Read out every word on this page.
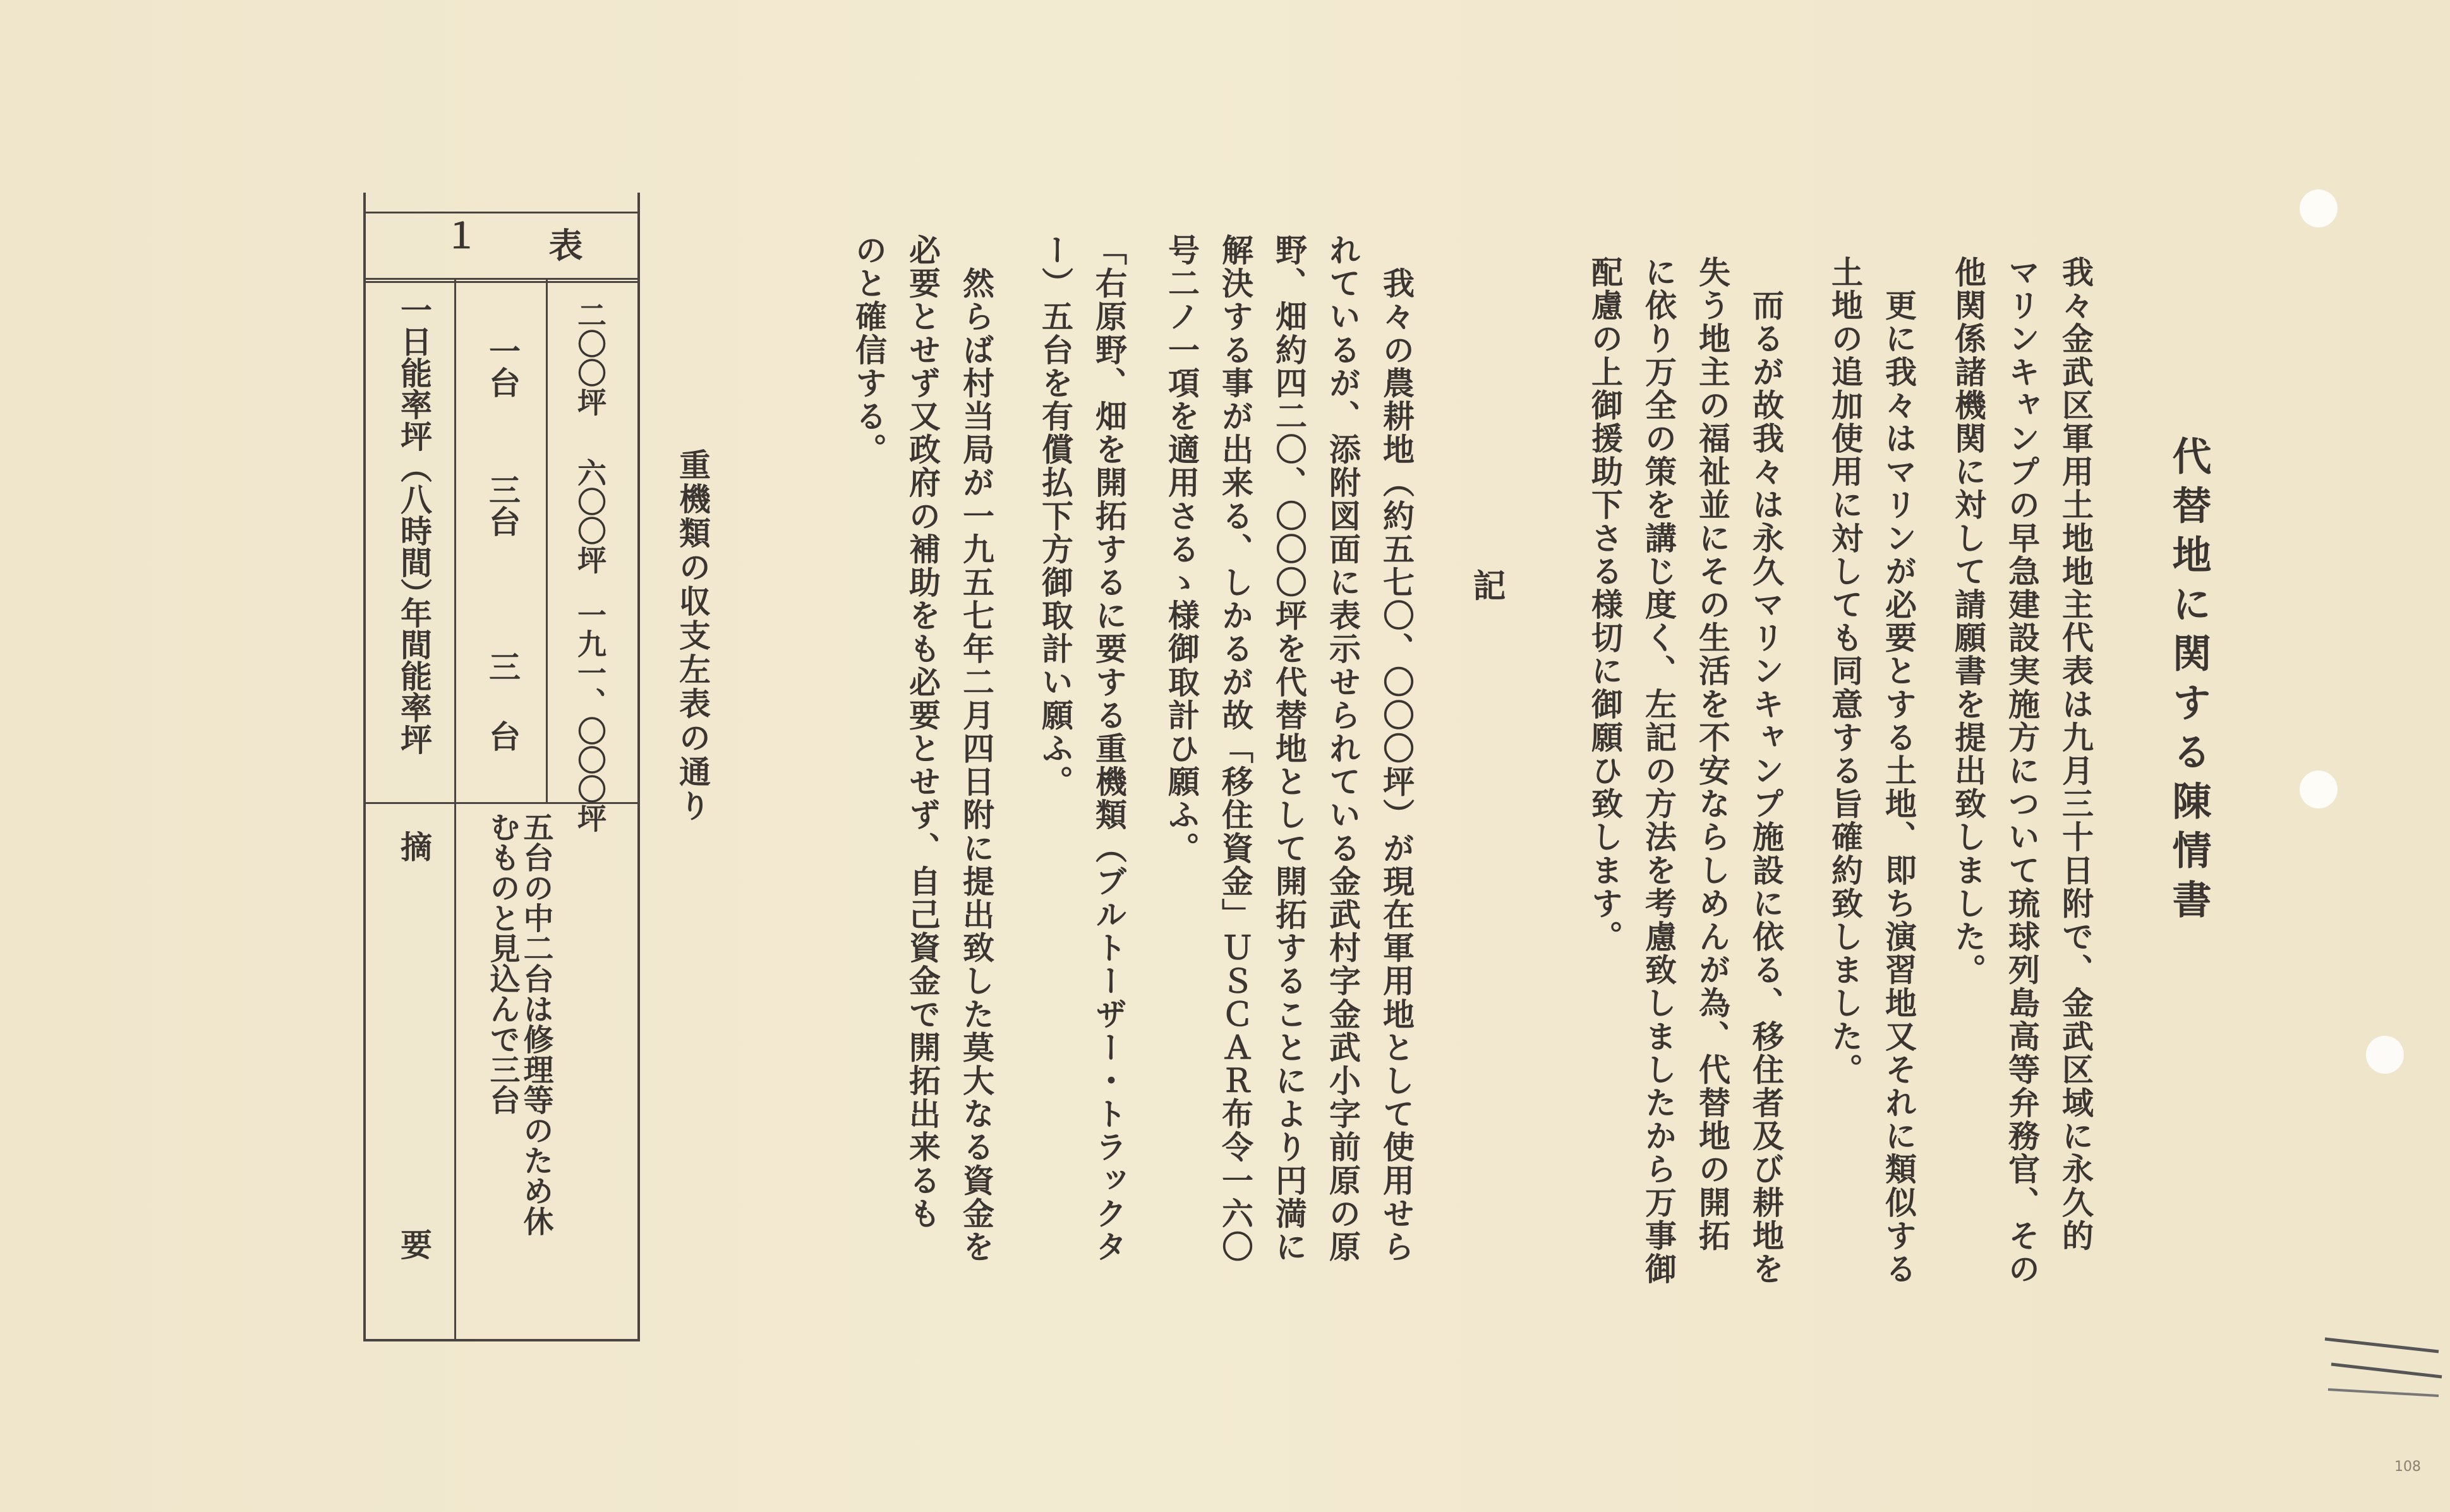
代替地に関する陳情書
我々金武区軍用土地地主代表は九月三十日附で、金武区域に永久的
マリンキャンプの早急建設実施方について琉球列島高等弁務官、その
他関係諸機関に対して請願書を提出致しました。
　更に我々はマリンが必要とする土地、即ち演習地又それに類似する
土地の追加使用に対しても同意する旨確約致しました。
　而るが故我々は永久マリンキャンプ施設に依る、移住者及び耕地を
失う地主の福祉並にその生活を不安ならしめんが為、代替地の開拓
に依り万全の策を講じ度く、左記の方法を考慮致しましたから万事御
配慮の上御援助下さる様切に御願ひ致します。
記
　我々の農耕地（約五七〇、〇〇〇坪）が現在軍用地として使用せら
れているが、添附図面に表示せられている金武村字金武小字前原の原
野、畑約四二〇、〇〇〇坪を代替地として開拓することにより円満に
解決する事が出来る、しかるが故「移住資金」ＵＳＣＡＲ布令一六〇
号二ノ一項を適用さるゝ様御取計ひ願ふ。
「右原野、畑を開拓するに要する重機類（ブルトーザー・トラックタ
ー）五台を有償払下方御取計い願ふ。
　然らば村当局が一九五七年二月四日附に提出致した莫大なる資金を
必要とせず又政府の補助をも必要とせず、自己資金で開拓出来るも
のと確信する。
重機類の収支左表の通り
１ 表
一日能率坪（八時間）
年間能率坪
一台
三台
三台
二〇〇坪
六〇〇坪
一九一、〇〇〇坪
摘
要
五台の中二台は修理等のため休
むものと見込んで三台
108
